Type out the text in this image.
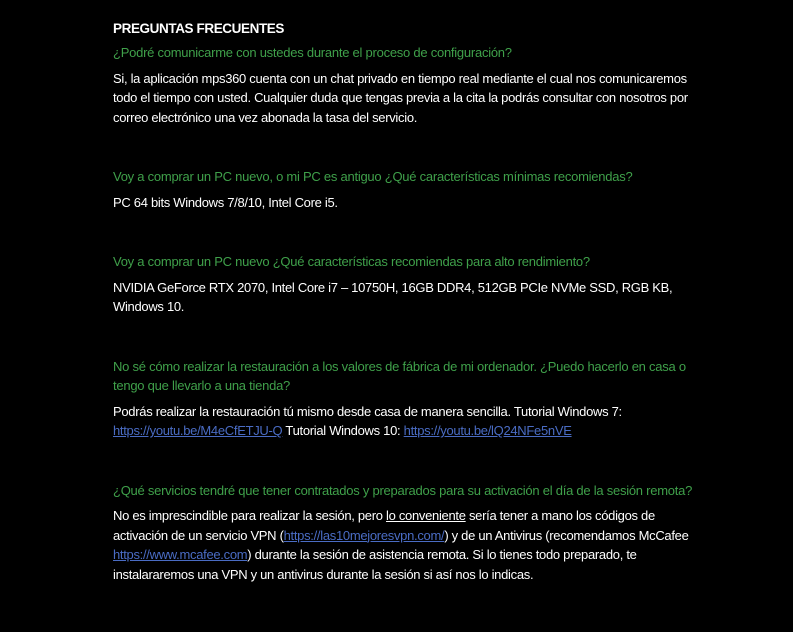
PREGUNTAS FRECUENTES

¿Podré comunicarme con ustedes durante el proceso de configuración?

Si, la aplicación mps360 cuenta con un chat privado en tiempo real mediante el cual nos comunicaremos todo el tiempo con usted. Cualquier duda que tengas previa a la cita la podrás consultar con nosotros por correo electrónico una vez abonada la tasa del servicio.

Voy a comprar un PC nuevo, o mi PC es antiguo ¿Qué características mínimas recomiendas?

PC 64 bits Windows 7/8/10, Intel Core i5.

Voy a comprar un PC nuevo ¿Qué características recomiendas para alto rendimiento?

NVIDIA GeForce RTX 2070, Intel Core i7 – 10750H, 16GB DDR4, 512GB PCIe NVMe SSD, RGB KB, Windows 10.

No sé cómo realizar la restauración a los valores de fábrica de mi ordenador. ¿Puedo hacerlo en casa o tengo que llevarlo a una tienda?

Podrás realizar la restauración tú mismo desde casa de manera sencilla. Tutorial Windows 7: https://youtu.be/M4eCfETJU-Q Tutorial Windows 10: https://youtu.be/lQ24NFe5nVE

¿Qué servicios tendré que tener contratados y preparados para su activación el día de la sesión remota?

No es imprescindible para realizar la sesión, pero lo conveniente sería tener a mano los códigos de activación de un servicio VPN (https://las10mejoresvpn.com/) y de un Antivirus (recomendamos McCafee https://www.mcafee.com) durante la sesión de asistencia remota. Si lo tienes todo preparado, te instalararemos una VPN y un antivirus durante la sesión si así nos lo indicas.
